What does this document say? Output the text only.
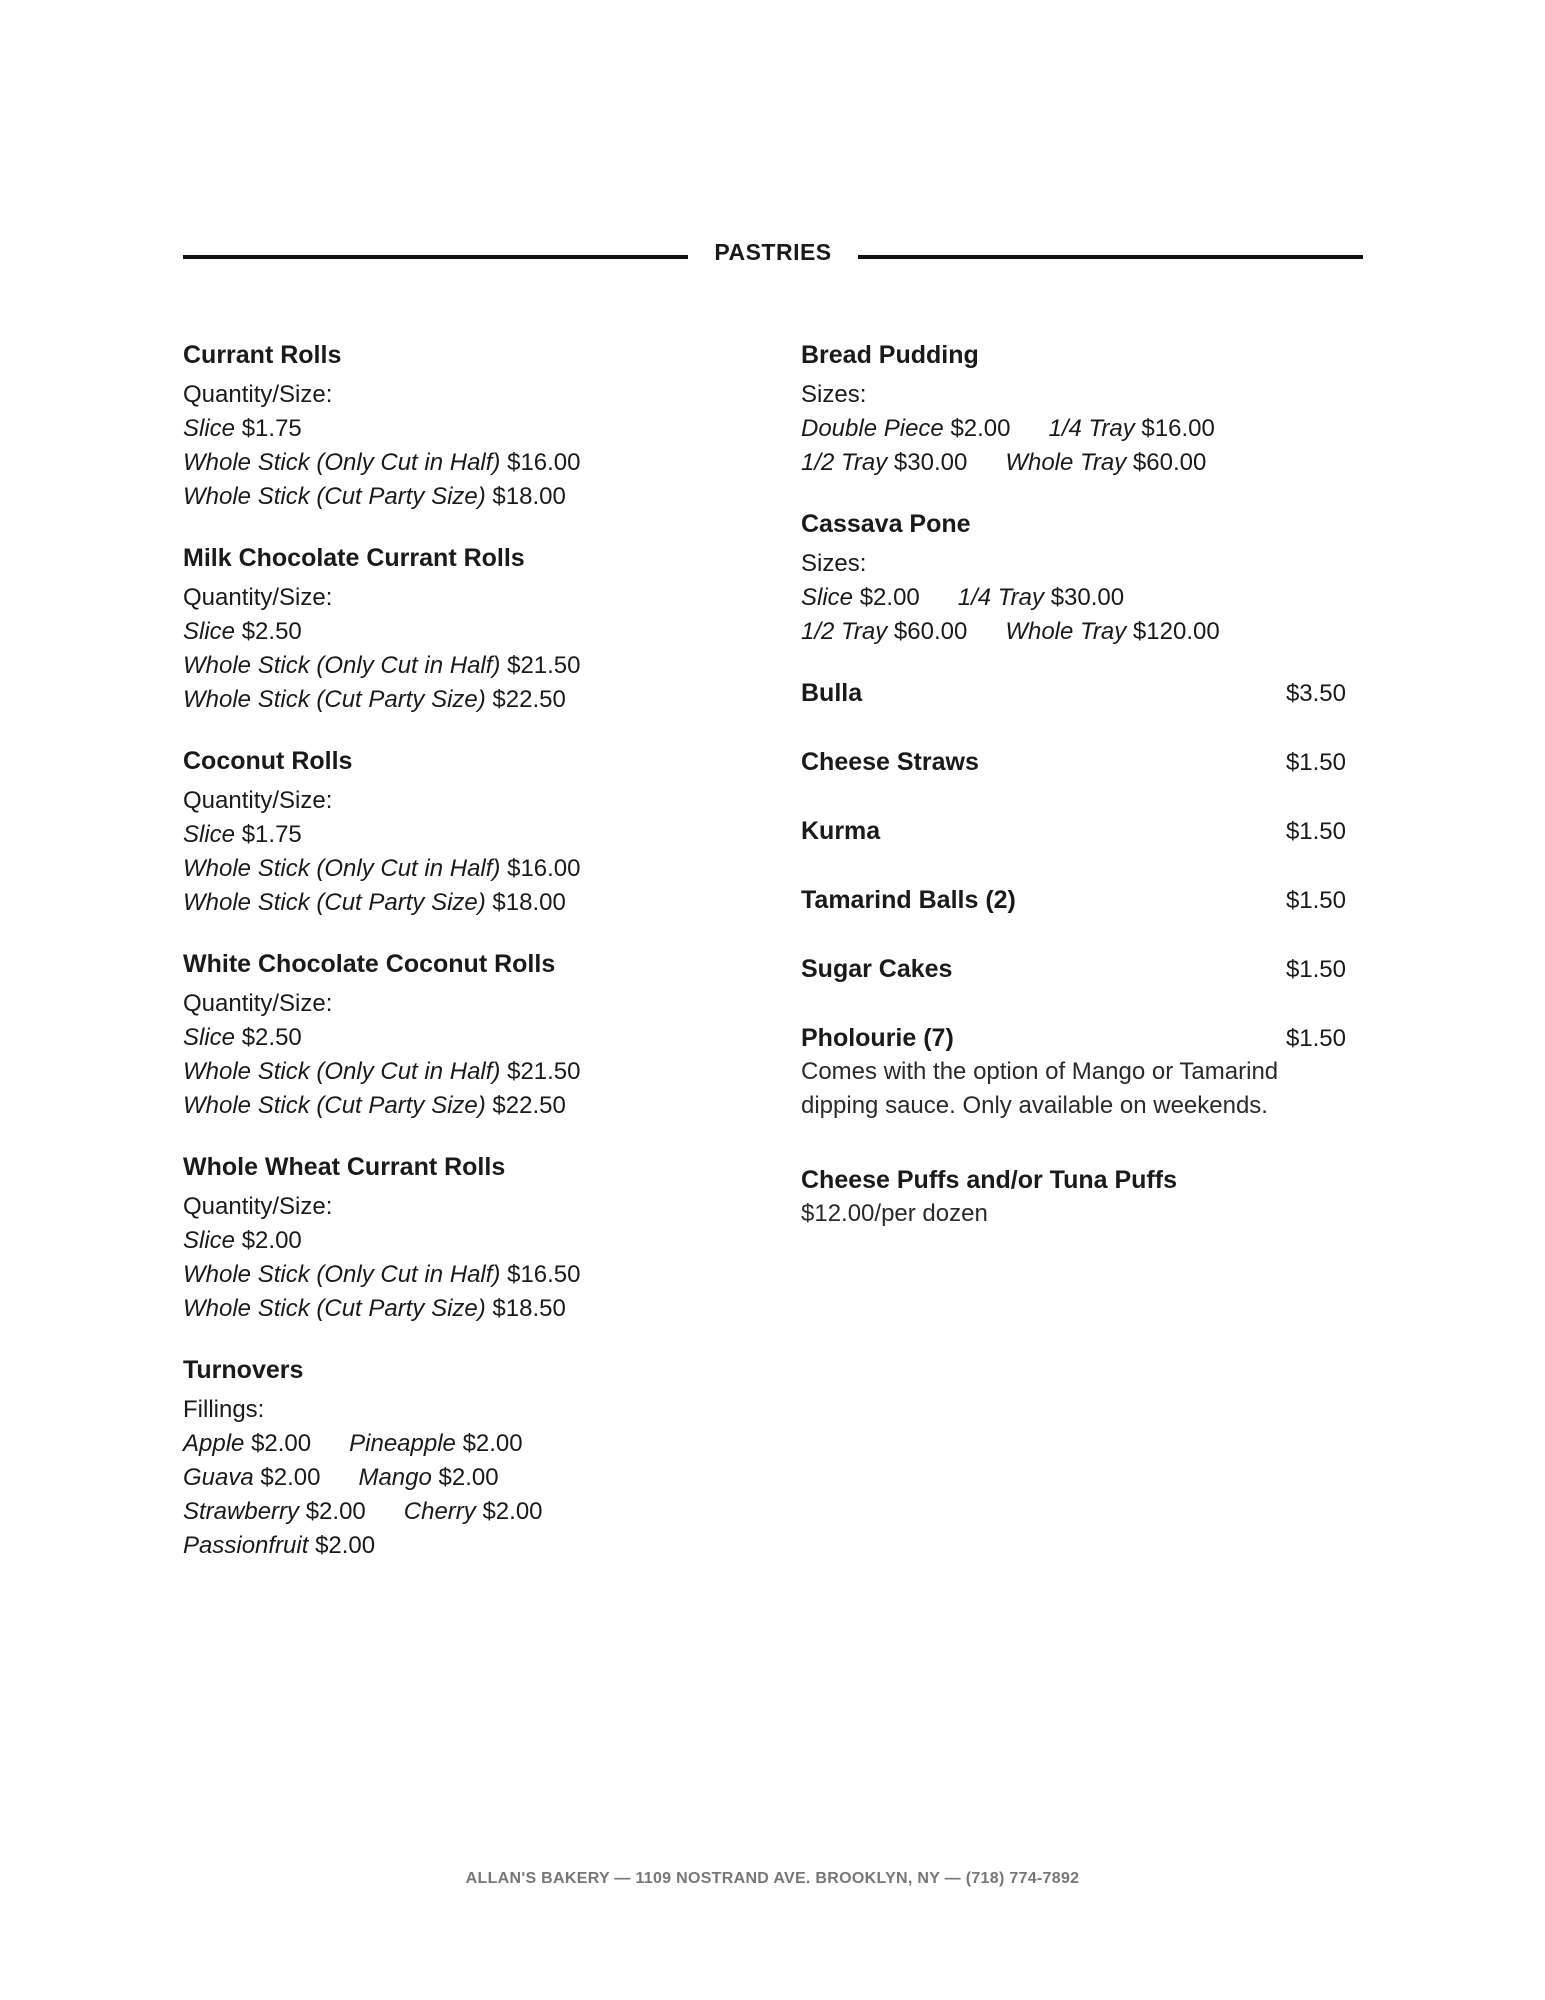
PASTRIES
Currant Rolls
Quantity/Size:
Slice $1.75
Whole Stick (Only Cut in Half) $16.00
Whole Stick (Cut Party Size) $18.00
Milk Chocolate Currant Rolls
Quantity/Size:
Slice $2.50
Whole Stick (Only Cut in Half) $21.50
Whole Stick (Cut Party Size) $22.50
Coconut Rolls
Quantity/Size:
Slice $1.75
Whole Stick (Only Cut in Half) $16.00
Whole Stick (Cut Party Size) $18.00
White Chocolate Coconut Rolls
Quantity/Size:
Slice $2.50
Whole Stick (Only Cut in Half) $21.50
Whole Stick (Cut Party Size) $22.50
Whole Wheat Currant Rolls
Quantity/Size:
Slice $2.00
Whole Stick (Only Cut in Half) $16.50
Whole Stick (Cut Party Size) $18.50
Turnovers
Fillings:
Apple $2.00 Pineapple $2.00
Guava $2.00 Mango $2.00
Strawberry $2.00 Cherry $2.00
Passionfruit $2.00
Bread Pudding
Sizes:
Double Piece $2.00 1/4 Tray $16.00
1/2 Tray $30.00 Whole Tray $60.00
Cassava Pone
Sizes:
Slice $2.00 1/4 Tray $30.00
1/2 Tray $60.00 Whole Tray $120.00
Bulla	$3.50
Cheese Straws	$1.50
Kurma	$1.50
Tamarind Balls (2)	$1.50
Sugar Cakes	$1.50
Pholourie (7)	$1.50
Comes with the option of Mango or Tamarind
dipping sauce. Only available on weekends.
Cheese Puffs and/or Tuna Puffs
$12.00/per dozen
ALLAN'S BAKERY — 1109 NOSTRAND AVE. BROOKLYN, NY — (718) 774-7892
